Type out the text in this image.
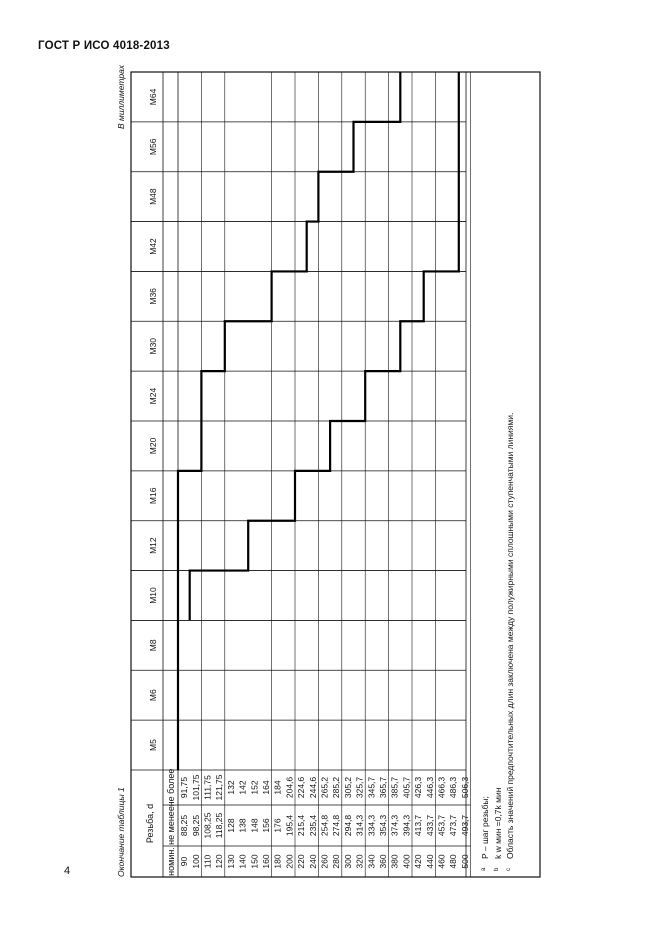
ГОСТ Р ИСО 4018-2013
4	Окончание таблицы 1
В миллиметрах
Резьба, d
номин.
не менее
не более
M5
M6
M8
M10
M12
M16
M20
M24
M30
M36
M42
M48
M56
M64
90
88,25
91,75
100
98,25
101,75
110
108,25
111,75
120
118,25
121,75
130
128
132
140
138
142
150
148
152
160
156
164
180
176
184
200
195,4
204,6
220
215,4
224,6
240
235,4
244,6
260
254,8
265,2
280
274,8
285,2
300
294,8
305,2
320
314,3
325,7
340
334,3
345,7
360
354,3
365,7
380
374,3
385,7
400
394,3
405,7
420
413,7
426,3
440
433,7
446,3
460
453,7
466,3
480
473,7
486,3
500
493,7
506,3
a
P – шаг резьбы;
b
k w мин =0,7k мин
c
Область значений предпочтительных длин заключена между полужирными сплошными ступенчатыми линиями.
